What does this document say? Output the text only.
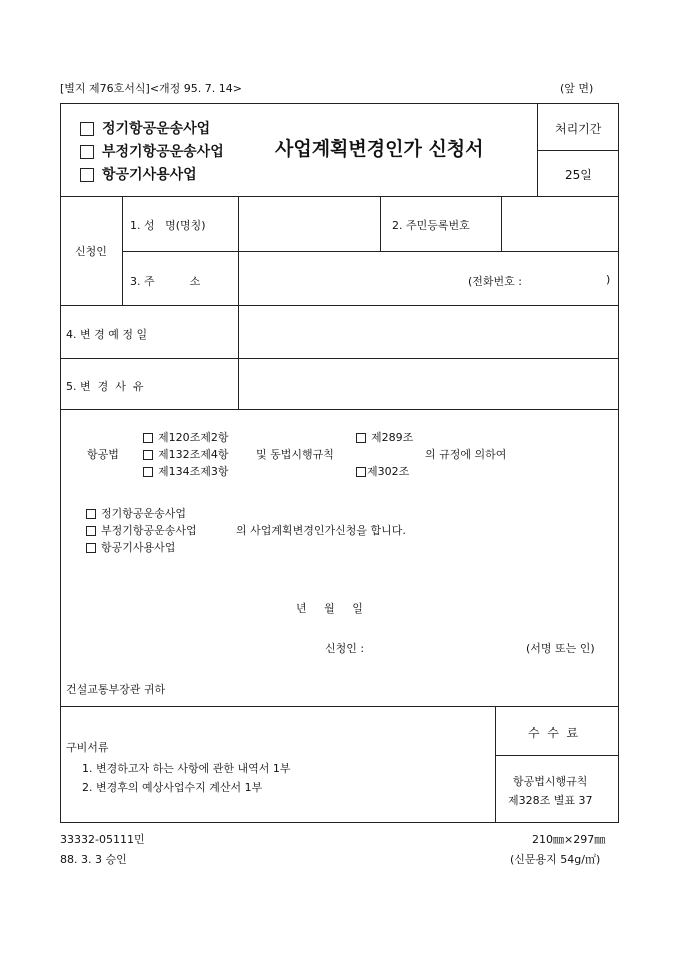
[별지 제76호서식]<개정 95. 7. 14>	(앞 면)
정기항공운송사업
부정기항공운송사업
항공기사용사업
사업계획변경인가 신청서
처리기간
25일
신청인
1. 성   명(명칭)	2. 주민등록번호
3. 주          소	(전화번호 :	)
4. 변 경 예 정 일
5. 변  경  사  유
항공법
제120조제2항
제132조제4항
제134조제3항
및 동법시행규칙
제289조
제302조
의 규정에 의하여
정기항공운송사업
부정기항공운송사업
항공기사용사업
의 사업계획변경인가신청을 합니다.
년     월     일
신청인 :	(서명 또는 인)
건설교통부장관 귀하
구비서류
1. 변경하고자 하는 사항에 관한 내역서 1부
2. 변경후의 예상사업수지 계산서 1부
수  수  료
항공법시행규칙
제328조 별표 37
33332-05111민
88. 3. 3 승인
210㎜×297㎜
(신문용지 54g/㎡)
